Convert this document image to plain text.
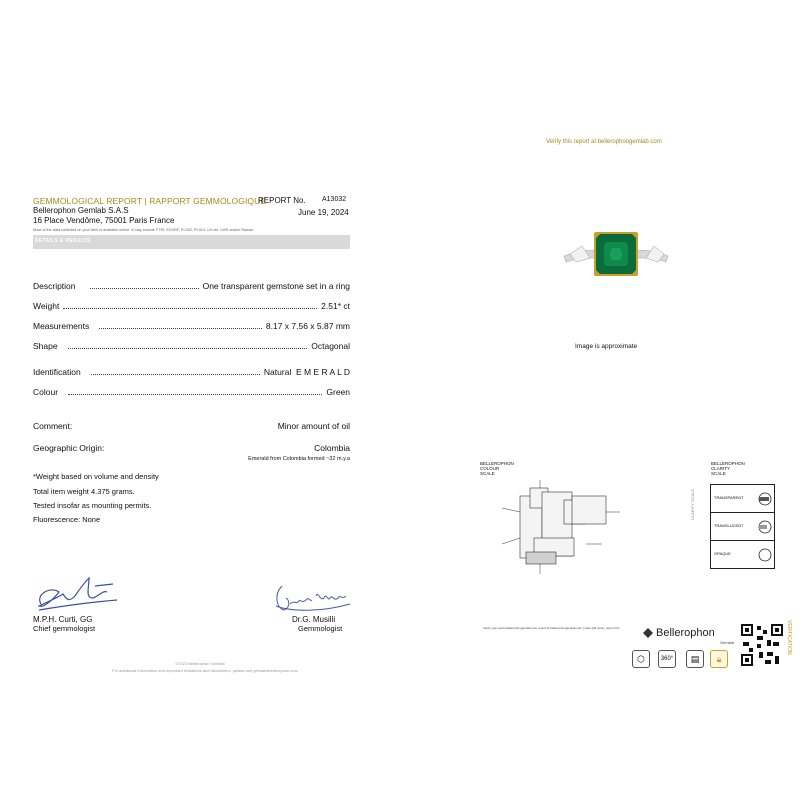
GEMMOLOGICAL REPORT | RAPPORT GEMMOLOGIQUE
Bellerophon Gemlab S.A.S
16 Place Vendôme, 75001 Paris France
REPORT No. A13032
June 19, 2024
Most of the data collected on your item is available online. It may include FTIR, EDXRF, PL532, PL313, UV-vis, LIBS and/or Raman
DETAILS & RESULTS
Description	One transparent gemstone set in a ring
Weight	2.51* ct
Measurements	8.17 x 7.56 x 5.87 mm
Shape	Octagonal
Identification	Natural  E M E R A L D
Colour	Green
Comment:	Minor amount of oil
Geographic Origin:	Colombia
Emerald from Colombia formed ~32 m.y.a
*Weight based on volume and density
Total item weight 4.375 grams.
Tested insofar as mounting permits.
Fluorescence: None
M.P.H. Curti, GG
Chief gemmologist
Dr.G. Musilli
Gemmologist
©2023 Bellerophon Gemlab
For additional information and important limitations and disclaimers, please see gemlabsbellerophon.com
Verify this report at bellerophongemlab.com
Image is approximate
BELLEROPHON
COLOUR
SCALE
BELLEROPHON
CLARITY
SCALE
CLARITY SCALE	TRANSPARENT
TRANSLUCENT
OPAQUE
Verify your www.bellerophongemlab.com report at bellerophongemlab.com | scan QR code | report info	Bellerophon
Gemlab	VERIFICATION
⬡	360°	▤	🔒︎
